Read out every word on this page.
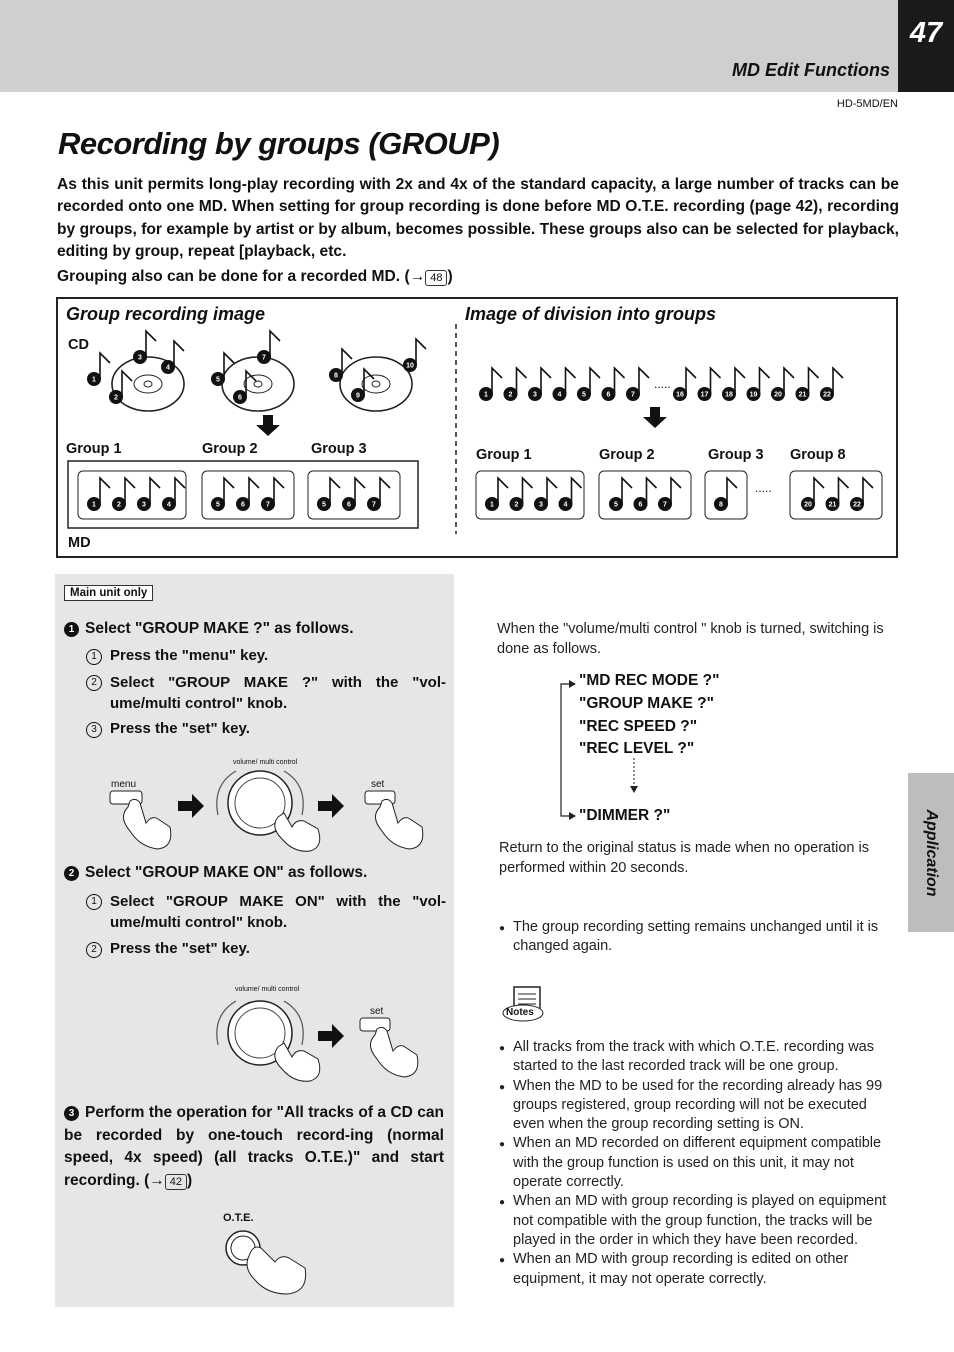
MD Edit Functions
47
HD-5MD/EN
Recording by groups (GROUP)
As this unit permits long-play recording with 2x and 4x of the standard capacity, a large number of tracks can be recorded onto one MD. When setting for group recording is done before MD O.T.E. recording (page 42), recording by groups, for example by artist or by album, becomes possible. These groups also can be selected for playback, editing by group, repeat [playback, etc.
Grouping also can be done for a recorded MD. (→ 48 )
Group recording image	Image of division into groups
CD
MD
Group 1	Group 2	Group 3	Group 1	Group 2	Group 3 Group 8
.....
.....
1
2
3
4
5
6
7
8
9
10
1	2	3	4	5	6	7	5	6	7
1	2	3	4	5	6	7	16 17 18 19 20 21 22
1	2	3	4	5	6	7	8	20 21 22
Main unit only
1 Select "GROUP MAKE ?" as follows.
1 Press the "menu" key.
2 Select "GROUP MAKE ?" with the "vol-ume/multi control" knob.
3 Press the "set" key.
menu
volume/ multi control
set
2 Select "GROUP MAKE ON" as follows.
1 Select "GROUP MAKE ON" with the "vol-ume/multi control" knob.
2 Press the "set" key.
volume/ multi control
set
3 Perform the operation for "All tracks of a CD can be recorded by one-touch record-ing (normal speed, 4x speed) (all tracks O.T.E.)" and start recording. (→ 42 )
O.T.E.
When the "volume/multi control " knob is turned, switching is done as follows.
"MD REC MODE ?"
"GROUP MAKE ?"
"REC SPEED ?"
"REC LEVEL ?"
"DIMMER ?"
Return to the original status is made when no operation is performed within 20 seconds.
● The group recording setting remains unchanged until it is changed again.
Notes
● All tracks from the track with which O.T.E. recording was started to the last recorded track will be one group.
● When the MD to be used for the recording already has 99 groups registered, group recording will not be executed even when the group recording setting is ON.
● When an MD recorded on different equipment compatible with the group function is used on this unit, it may not operate correctly.
● When an MD with group recording is played on equipment not compatible with the group function, the tracks will be played in the order in which they have been recorded.
● When an MD with group recording is edited on other equipment, it may not operate correctly.
Application
